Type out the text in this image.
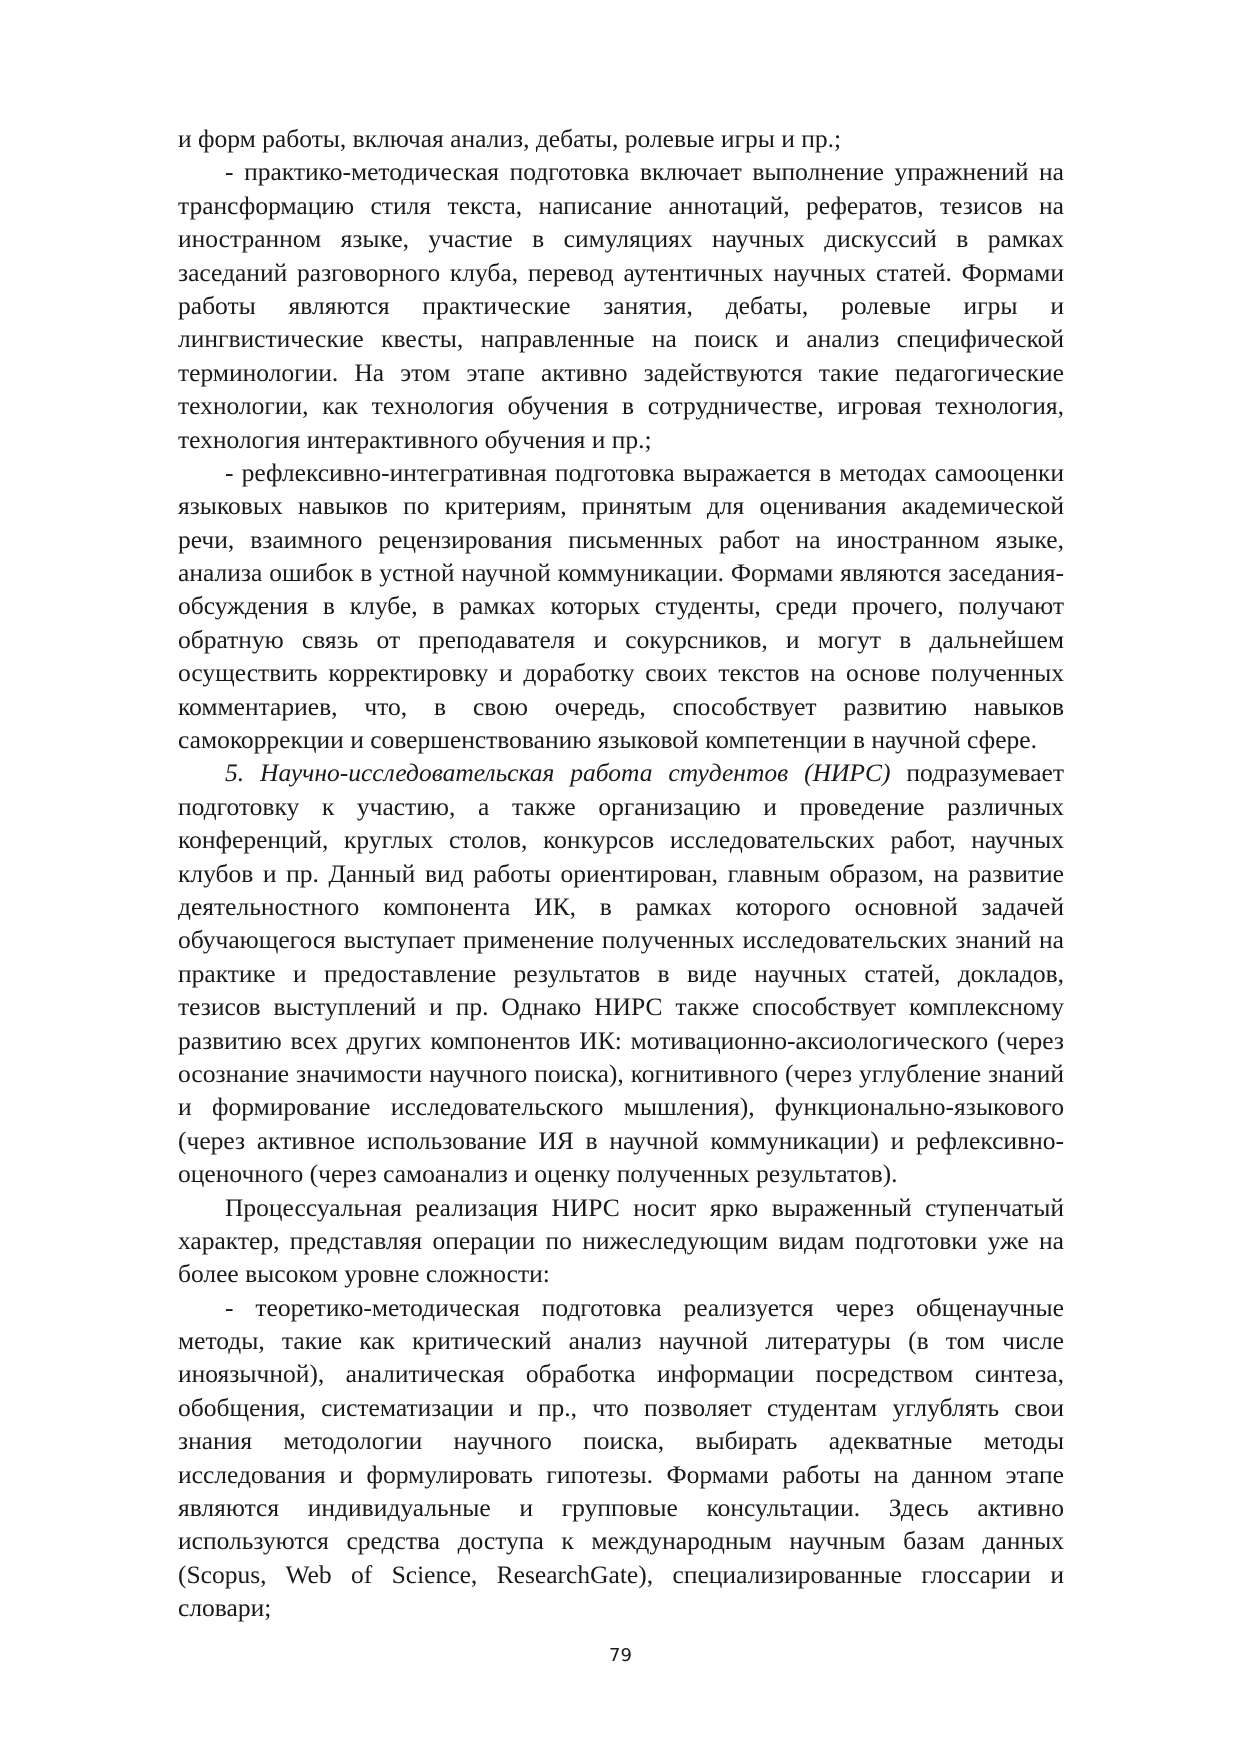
и форм работы, включая анализ, дебаты, ролевые игры и пр.;
- практико-методическая подготовка включает выполнение упражнений на
трансформацию стиля текста, написание аннотаций, рефератов, тезисов на
иностранном языке, участие в симуляциях научных дискуссий в рамках
заседаний разговорного клуба, перевод аутентичных научных статей. Формами
работы являются практические занятия, дебаты, ролевые игры и
лингвистические квесты, направленные на поиск и анализ специфической
терминологии. На этом этапе активно задействуются такие педагогические
технологии, как технология обучения в сотрудничестве, игровая технология,
технология интерактивного обучения и пр.;
- рефлексивно-интегративная подготовка выражается в методах самооценки
языковых навыков по критериям, принятым для оценивания академической
речи, взаимного рецензирования письменных работ на иностранном языке,
анализа ошибок в устной научной коммуникации. Формами являются заседания-
обсуждения в клубе, в рамках которых студенты, среди прочего, получают
обратную связь от преподавателя и сокурсников, и могут в дальнейшем
осуществить корректировку и доработку своих текстов на основе полученных
комментариев, что, в свою очередь, способствует развитию навыков
самокоррекции и совершенствованию языковой компетенции в научной сфере.
5. Научно-исследовательская работа студентов (НИРС) подразумевает
подготовку к участию, а также организацию и проведение различных
конференций, круглых столов, конкурсов исследовательских работ, научных
клубов и пр. Данный вид работы ориентирован, главным образом, на развитие
деятельностного компонента ИК, в рамках которого основной задачей
обучающегося выступает применение полученных исследовательских знаний на
практике и предоставление результатов в виде научных статей, докладов,
тезисов выступлений и пр. Однако НИРС также способствует комплексному
развитию всех других компонентов ИК: мотивационно-аксиологического (через
осознание значимости научного поиска), когнитивного (через углубление знаний
и формирование исследовательского мышления), функционально-языкового
(через активное использование ИЯ в научной коммуникации) и рефлексивно-
оценочного (через самоанализ и оценку полученных результатов).
Процессуальная реализация НИРС носит ярко выраженный ступенчатый
характер, представляя операции по нижеследующим видам подготовки уже на
более высоком уровне сложности:
- теоретико-методическая подготовка реализуется через общенаучные
методы, такие как критический анализ научной литературы (в том числе
иноязычной), аналитическая обработка информации посредством синтеза,
обобщения, систематизации и пр., что позволяет студентам углублять свои
знания методологии научного поиска, выбирать адекватные методы
исследования и формулировать гипотезы. Формами работы на данном этапе
являются индивидуальные и групповые консультации. Здесь активно
используются средства доступа к международным научным базам данных
(Scopus, Web of Science, ResearchGate), специализированные глоссарии и
словари;
79
